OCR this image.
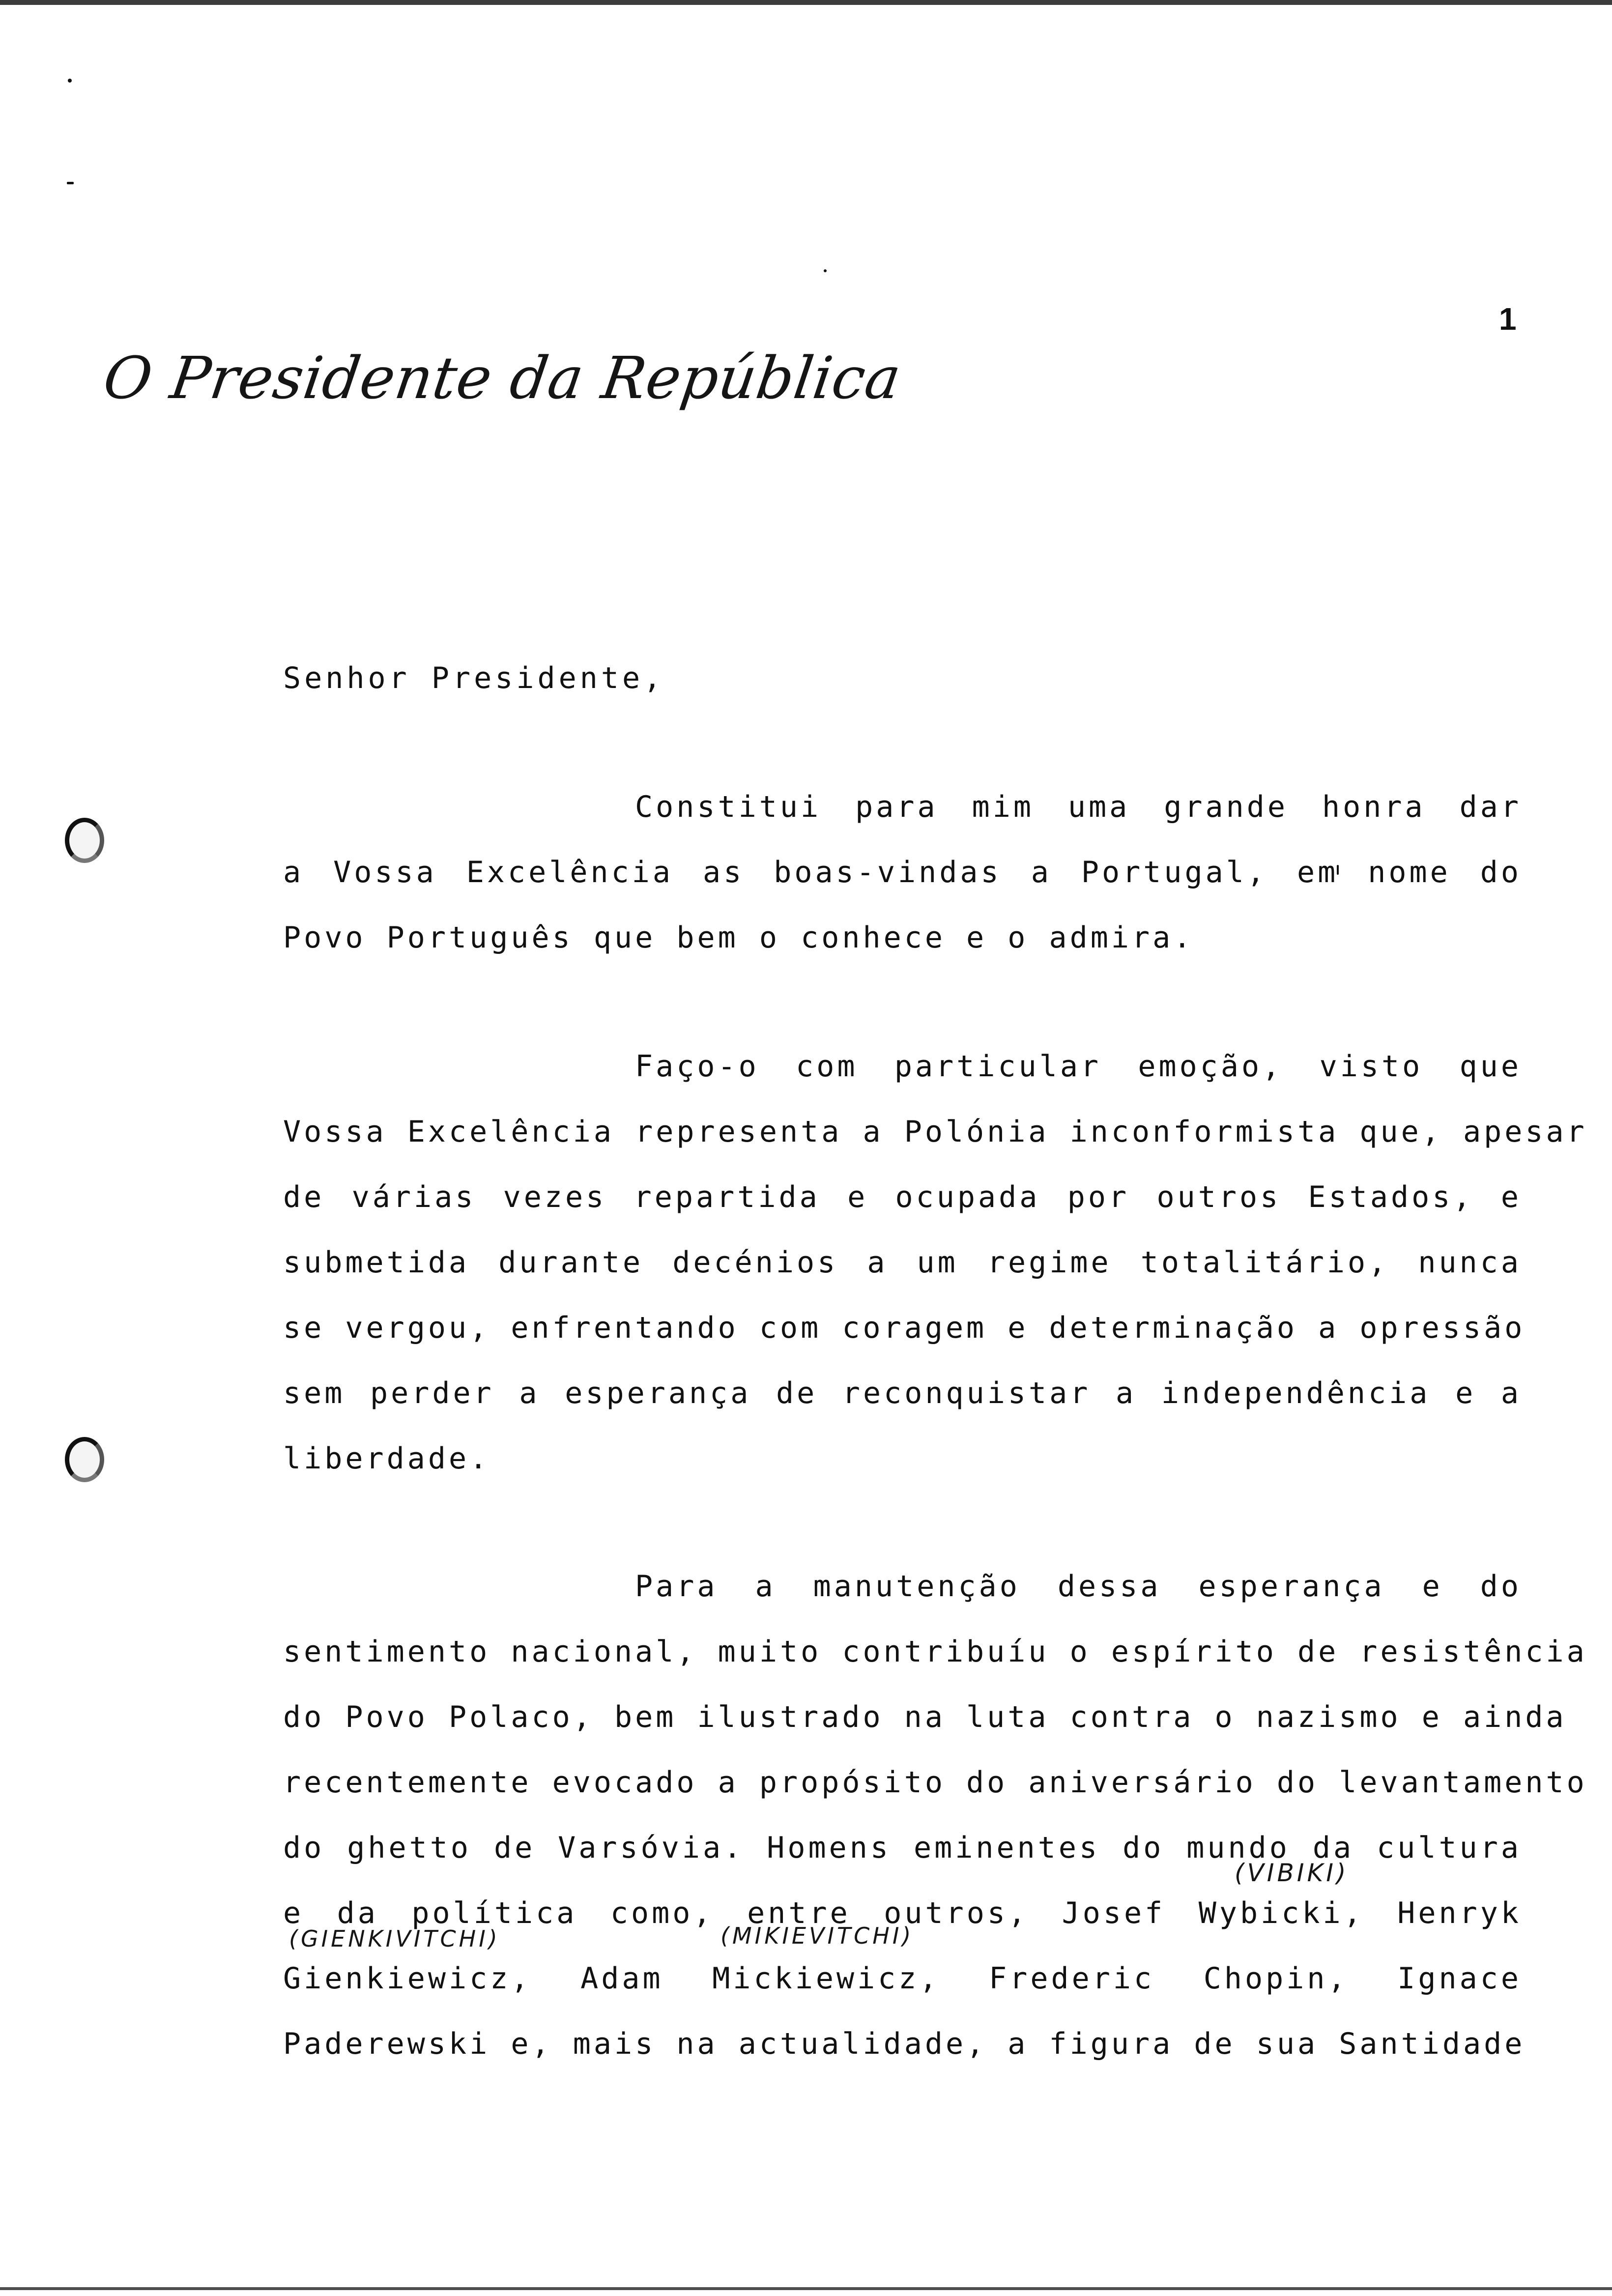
1
O Presidente da República
Senhor Presidente,
Constitui para mim uma grande honra dar
a Vossa Excelência as boas-vindas a Portugal, em nome do
Povo Português que bem o conhece e o admira.
Faço-o com particular emoção, visto que
Vossa Excelência representa a Polónia inconformista que, apesar
de várias vezes repartida e ocupada por outros Estados, e
submetida durante decénios a um regime totalitário, nunca
se vergou, enfrentando com coragem e determinação a opressão
sem perder a esperança de reconquistar a independência e a
liberdade.
Para a manutenção dessa esperança e do
sentimento nacional, muito contribuíu o espírito de resistência
do Povo Polaco, bem ilustrado na luta contra o nazismo e ainda
recentemente evocado a propósito do aniversário do levantamento
do ghetto de Varsóvia. Homens eminentes do mundo da cultura
e da política como, entre outros, Josef Wybicki, Henryk
Gienkiewicz, Adam Mickiewicz, Frederic Chopin, Ignace
Paderewski e, mais na actualidade, a figura de sua Santidade
(VIBIKI)
(GIENKIVITCHI)	(MIKIEVITCHI)
